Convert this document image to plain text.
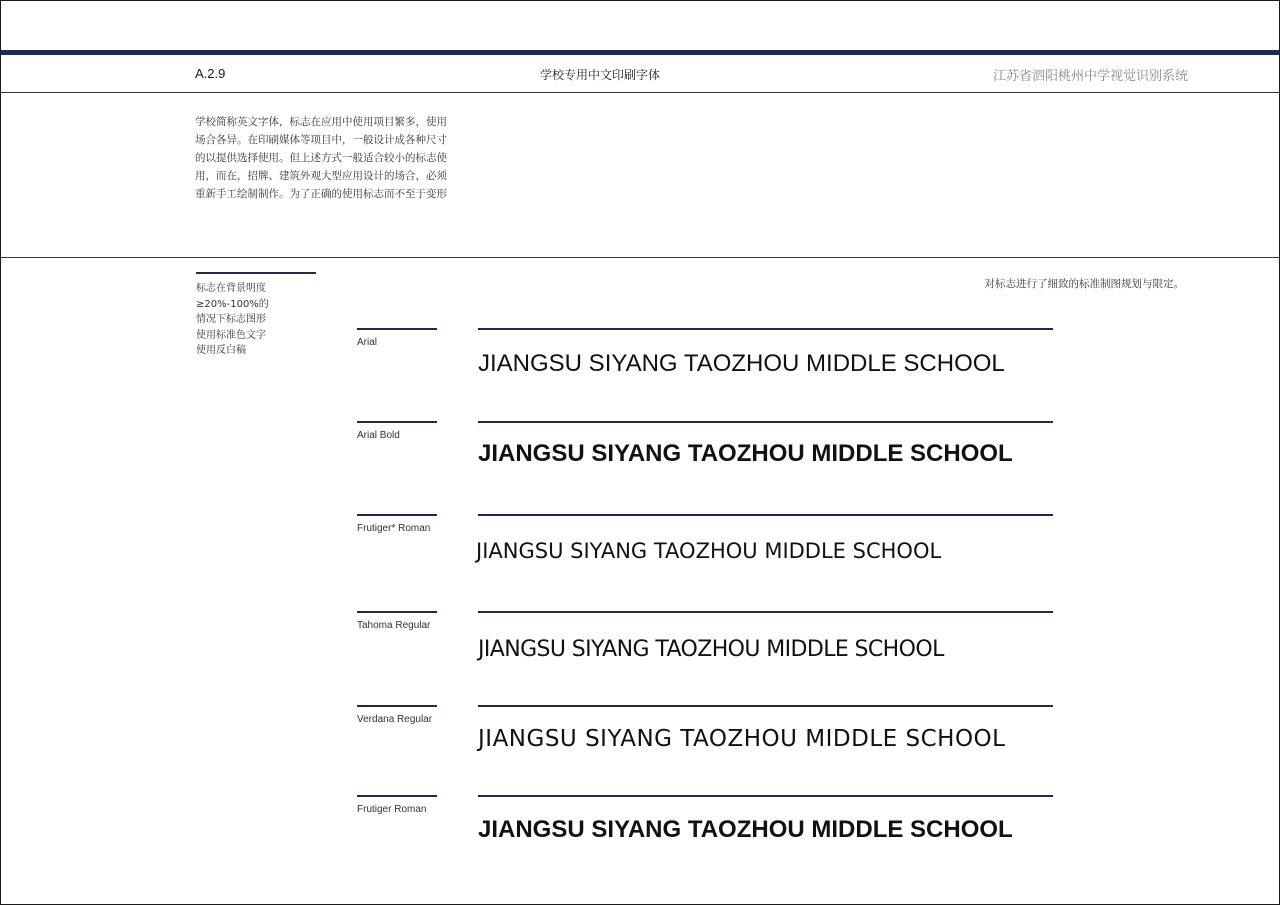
A.2.9	学校专用中文印刷字体	江苏省泗阳桃州中学视觉识别系统
学校简称英文字体，标志在应用中使用项目繁多，使用
场合各异。在印刷媒体等项目中，一般设计成各种尺寸
的以提供选择使用。但上述方式一般适合较小的标志使
用，而在，招牌、建筑外观大型应用设计的场合，必须
重新手工绘制制作。为了正确的使用标志而不至于变形
标志在背景明度
≥20%-100%的
情况下标志图形
使用标准色文字
使用反白稿
对标志进行了细致的标准制图规划与限定。
Arial
JIANGSU SIYANG TAOZHOU MIDDLE SCHOOL
Arial Bold
JIANGSU SIYANG TAOZHOU MIDDLE SCHOOL
Frutiger* Roman
JIANGSU SIYANG TAOZHOU MIDDLE SCHOOL
Tahoma Regular
JIANGSU SIYANG TAOZHOU MIDDLE SCHOOL
Verdana Regular
JIANGSU SIYANG TAOZHOU MIDDLE SCHOOL
Frutiger Roman
JIANGSU SIYANG TAOZHOU MIDDLE SCHOOL
